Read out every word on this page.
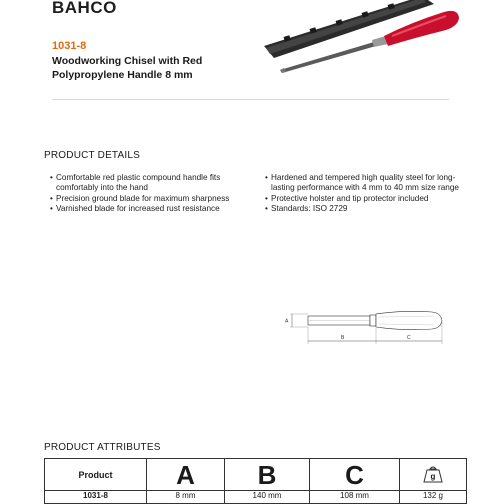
BAHCO
1031-8
Woodworking Chisel with Red Polypropylene Handle 8 mm
PRODUCT DETAILS
• Comfortable red plastic compound handle fits comfortably into the hand
• Precision ground blade for maximum sharpness
• Varnished blade for increased rust resistance
• Hardened and tempered high quality steel for long-lasting performance with 4 mm to 40 mm size range
• Protective holster and tip protector included
• Standards: ISO 2729
A
B	C
PRODUCT ATTRIBUTES
Product	A	B	C	g

1031-8	8 mm	140 mm	108 mm	132 g
